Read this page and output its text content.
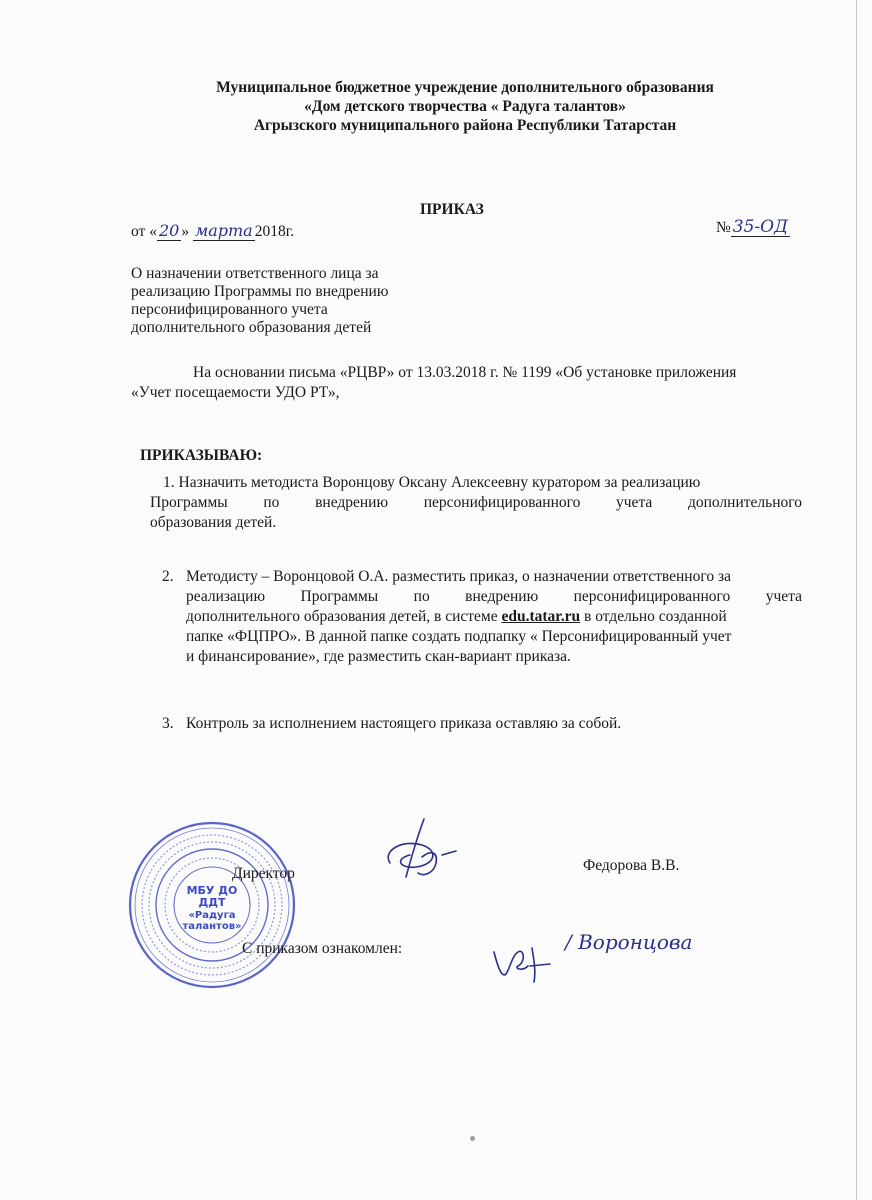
Муниципальное бюджетное учреждение дополнительного образования
«Дом детского творчества « Радуга талантов»
Агрызского муниципального района Республики Татарстан
ПРИКАЗ
от « 20 » марта 2018г.	№ 35-ОД
О назначении ответственного лица за
реализацию Программы по внедрению
персонифицированного учета
дополнительного образования детей
На основании письма «РЦВР» от 13.03.2018 г. № 1199 «Об установке приложения
«Учет посещаемости УДО РТ»,
ПРИКАЗЫВАЮ:
1. Назначить методиста Воронцову Оксану Алексеевну куратором за реализацию
Программы по внедрению персонифицированного учета дополнительного
образования детей.
2. Методисту – Воронцовой О.А. разместить приказ, о назначении ответственного за
реализацию Программы по внедрению персонифицированного учета
дополнительного образования детей, в системе edu.tatar.ru в отдельно созданной
папке «ФЦПРО». В данной папке создать подпапку « Персонифицированный учет
и финансирование», где разместить скан-вариант приказа.
3. Контроль за исполнением настоящего приказа оставляю за собой.
МБУ ДО
ДДТ
«Радуга
талантов»
Директор	Федорова В.В.
С приказом ознакомлен:	/ Воронцова
